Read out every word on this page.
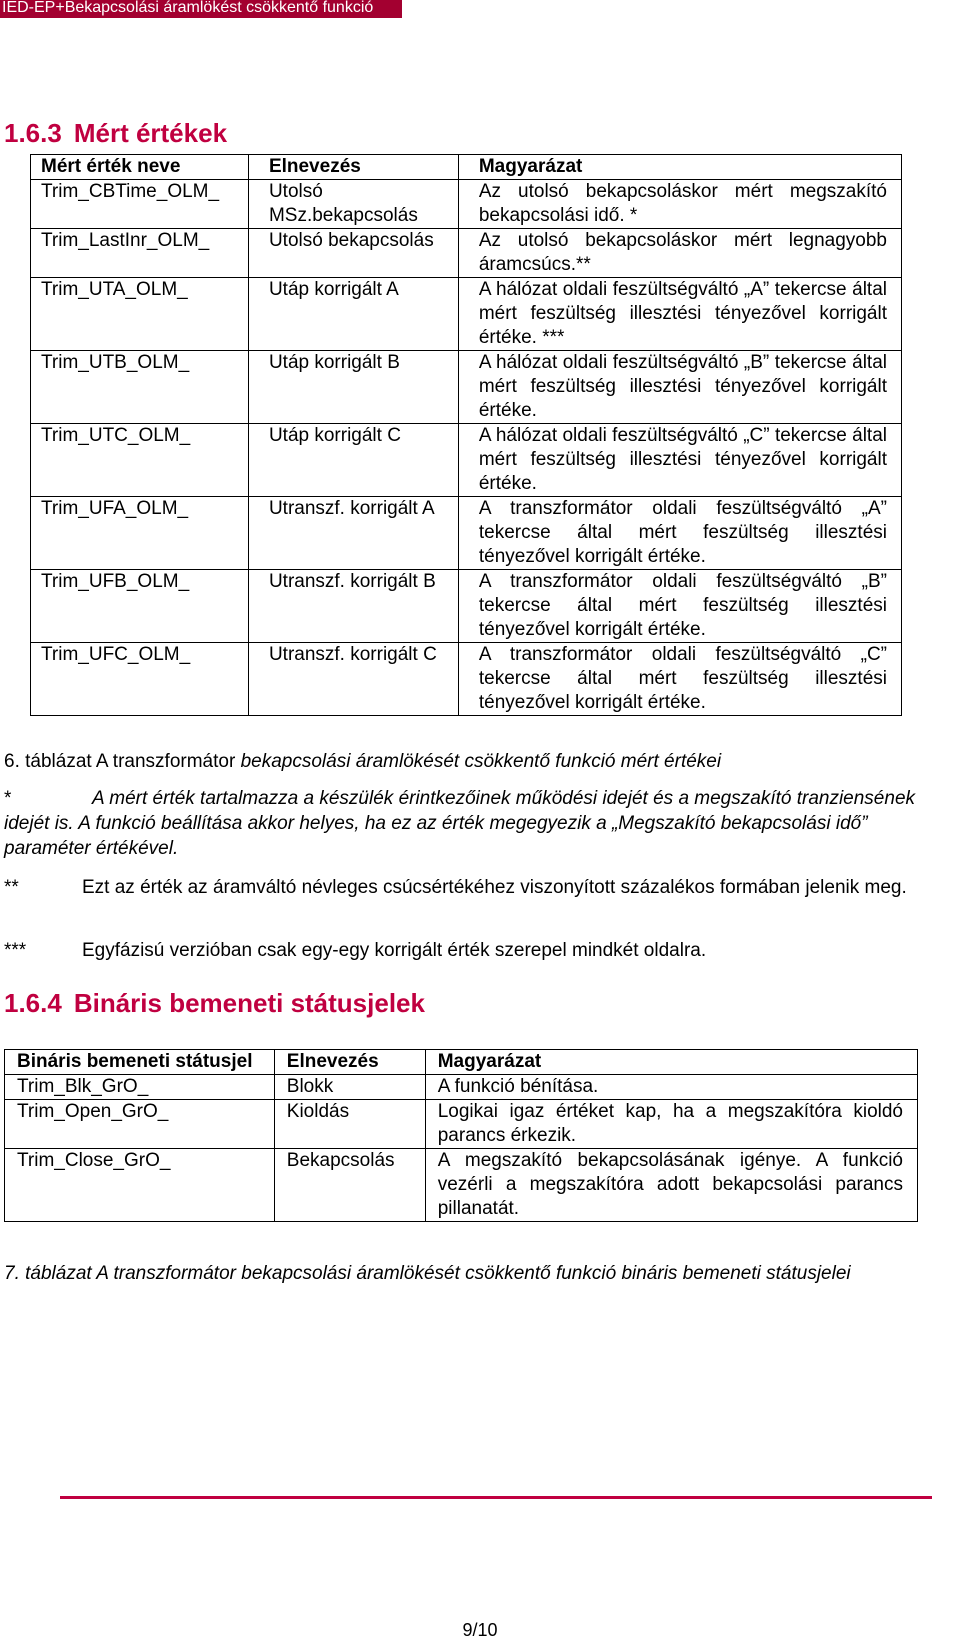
IED-EP+Bekapcsolási áramlökést csökkentő funkció
1.6.3 Mért értékek
Mért érték neve	Elnevezés	Magyarázat
Trim_CBTime_OLM_	Utolsó MSz.bekapcsolás	Az utolsó bekapcsoláskor mért megszakító bekapcsolási idő. *
Trim_LastInr_OLM_	Utolsó bekapcsolás	Az utolsó bekapcsoláskor mért legnagyobb áramcsúcs.**
Trim_UTA_OLM_	Utáp korrigált A	A hálózat oldali feszültségváltó „A” tekercse által mért feszültség illesztési tényezővel korrigált értéke. ***
Trim_UTB_OLM_	Utáp korrigált B	A hálózat oldali feszültségváltó „B” tekercse által mért feszültség illesztési tényezővel korrigált értéke.
Trim_UTC_OLM_	Utáp korrigált C	A hálózat oldali feszültségváltó „C” tekercse által mért feszültség illesztési tényezővel korrigált értéke.
Trim_UFA_OLM_	Utranszf. korrigált A	A transzformátor oldali feszültségváltó „A” tekercse által mért feszültség illesztési tényezővel korrigált értéke.
Trim_UFB_OLM_	Utranszf. korrigált B	A transzformátor oldali feszültségváltó „B” tekercse által mért feszültség illesztési tényezővel korrigált értéke.
Trim_UFC_OLM_	Utranszf. korrigált C	A transzformátor oldali feszültségváltó „C” tekercse által mért feszültség illesztési tényezővel korrigált értéke.
6. táblázat A transzformátor bekapcsolási áramlökését csökkentő funkció mért értékei
*	A mért érték tartalmazza a készülék érintkezőinek működési idejét és a megszakító tranziensének idejét is. A funkció beállítása akkor helyes, ha ez az érték megegyezik a „Megszakító bekapcsolási idő” paraméter értékével.
**	Ezt az érték az áramváltó névleges csúcsértékéhez viszonyított százalékos formában jelenik meg.
***	Egyfázisú verzióban csak egy-egy korrigált érték szerepel mindkét oldalra.
1.6.4 Bináris bemeneti státusjelek
Bináris bemeneti státusjel	Elnevezés	Magyarázat
Trim_Blk_GrO_	Blokk	A funkció bénítása.
Trim_Open_GrO_	Kioldás	Logikai igaz értéket kap, ha a megszakítóra kioldó parancs érkezik.
Trim_Close_GrO_	Bekapcsolás	A megszakító bekapcsolásának igénye. A funkció vezérli a megszakítóra adott bekapcsolási parancs pillanatát.
7. táblázat A transzformátor bekapcsolási áramlökését csökkentő funkció bináris bemeneti státusjelei
9/10
